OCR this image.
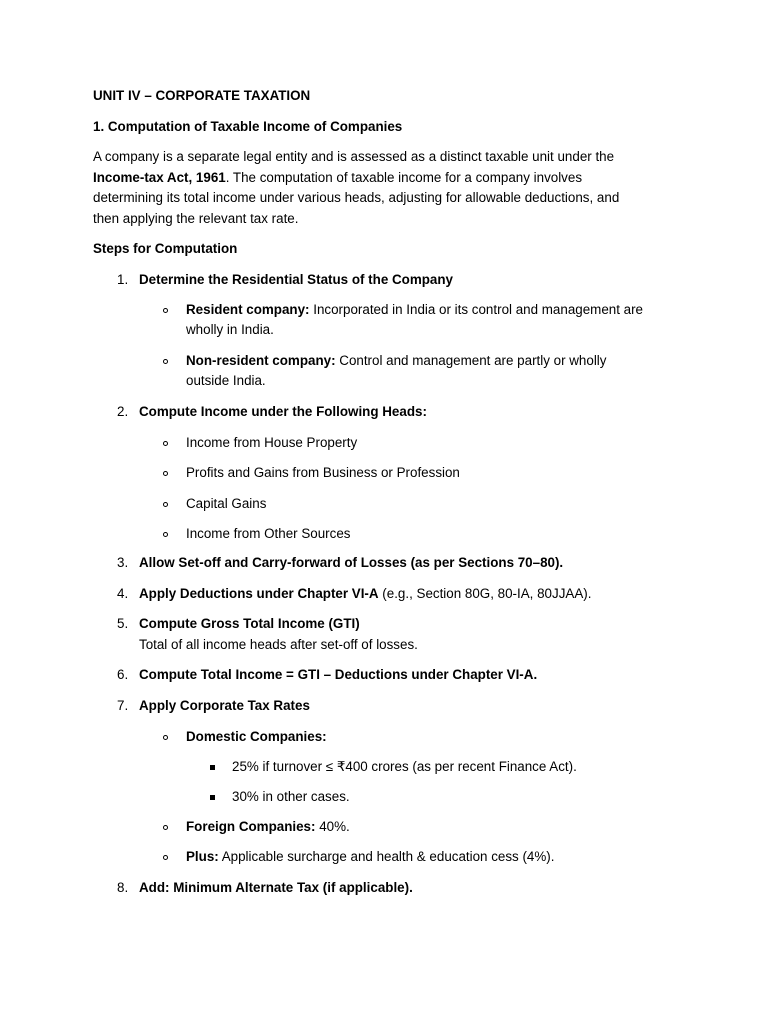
UNIT IV – CORPORATE TAXATION
1. Computation of Taxable Income of Companies
A company is a separate legal entity and is assessed as a distinct taxable unit under the
Income-tax Act, 1961. The computation of taxable income for a company involves
determining its total income under various heads, adjusting for allowable deductions, and
then applying the relevant tax rate.
Steps for Computation
1. Determine the Residential Status of the Company
Resident company: Incorporated in India or its control and management are
wholly in India.
Non-resident company: Control and management are partly or wholly
outside India.
2. Compute Income under the Following Heads:
Income from House Property
Profits and Gains from Business or Profession
Capital Gains
Income from Other Sources
3. Allow Set-off and Carry-forward of Losses (as per Sections 70–80).
4. Apply Deductions under Chapter VI-A (e.g., Section 80G, 80-IA, 80JJAA).
5. Compute Gross Total Income (GTI)
Total of all income heads after set-off of losses.
6. Compute Total Income = GTI – Deductions under Chapter VI-A.
7. Apply Corporate Tax Rates
Domestic Companies:
25% if turnover ≤ ₹400 crores (as per recent Finance Act).
30% in other cases.
Foreign Companies: 40%.
Plus: Applicable surcharge and health & education cess (4%).
8. Add: Minimum Alternate Tax (if applicable).
